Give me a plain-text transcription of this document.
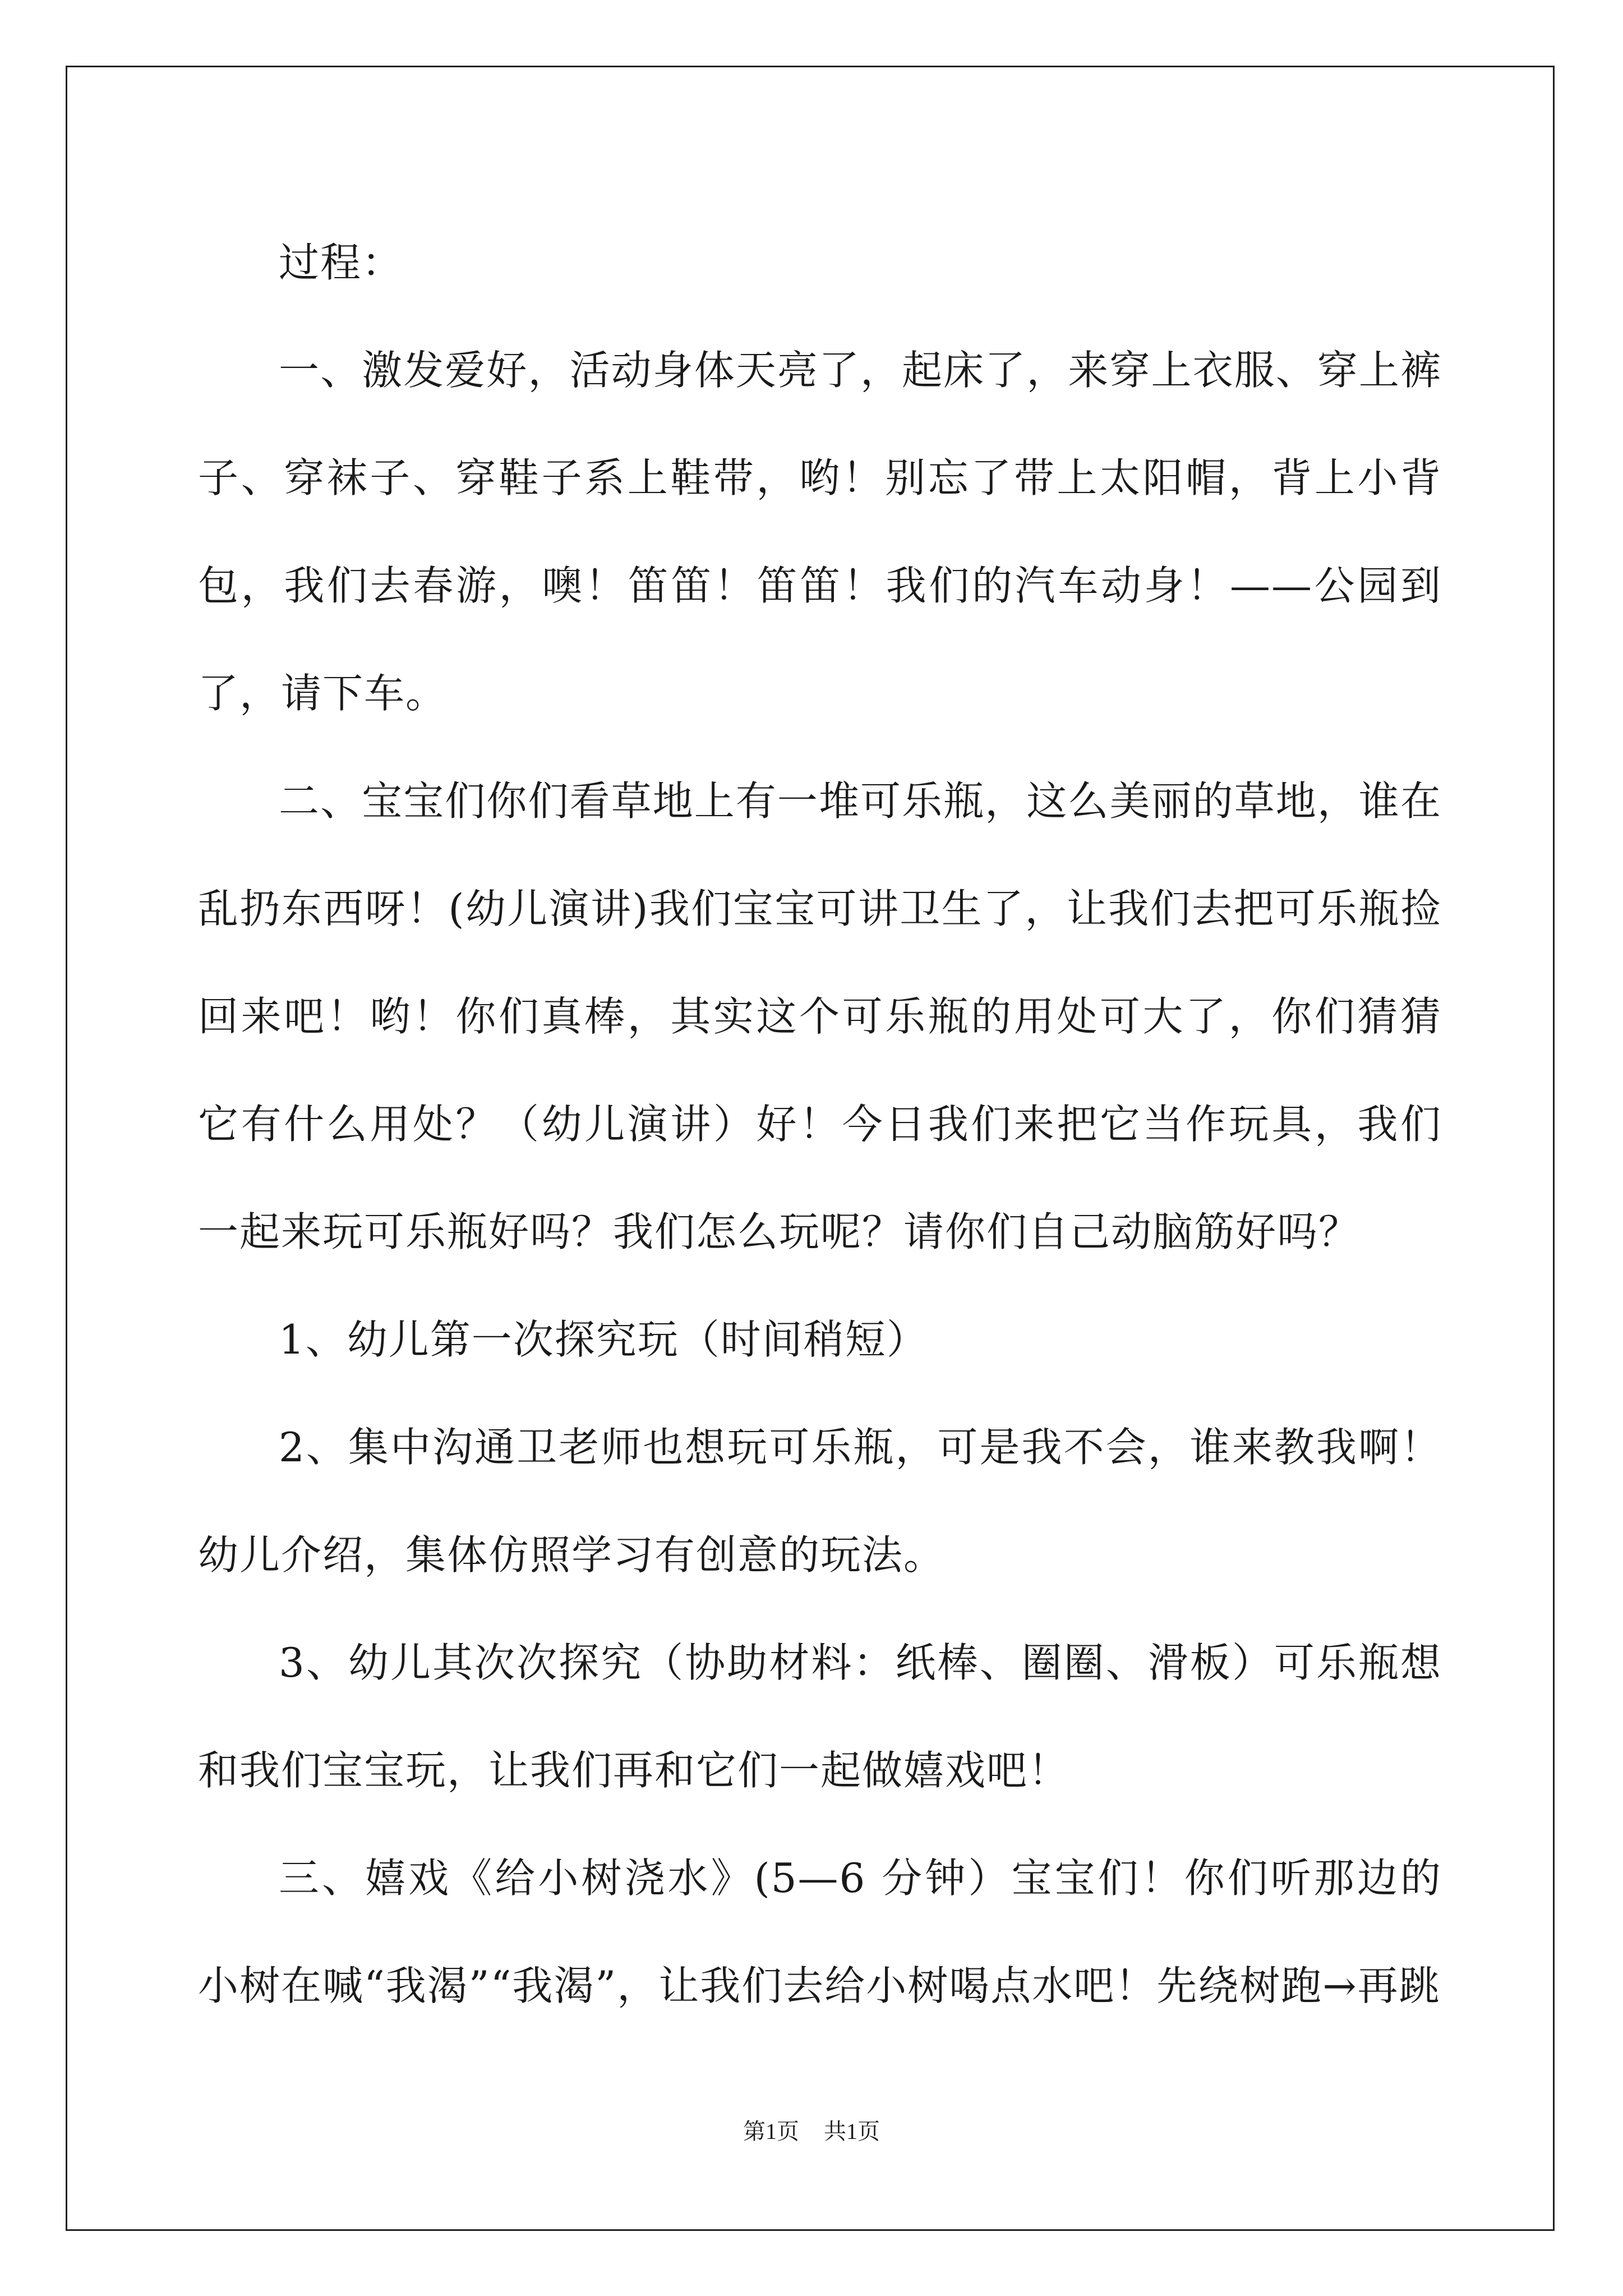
过程：

一、激发爱好，活动身体天亮了，起床了，来穿上衣服、穿上裤子、穿袜子、穿鞋子系上鞋带，哟！别忘了带上太阳帽，背上小背包，我们去春游，噢！笛笛！笛笛！我们的汽车动身！——公园到了，请下车。

二、宝宝们你们看草地上有一堆可乐瓶，这么美丽的草地，谁在乱扔东西呀！(幼儿演讲)我们宝宝可讲卫生了，让我们去把可乐瓶捡回来吧！哟！你们真棒，其实这个可乐瓶的用处可大了，你们猜猜它有什么用处？（幼儿演讲）好！今日我们来把它当作玩具，我们一起来玩可乐瓶好吗？我们怎么玩呢？请你们自己动脑筋好吗？

1、幼儿第一次探究玩（时间稍短）

2、集中沟通卫老师也想玩可乐瓶，可是我不会，谁来教我啊！幼儿介绍，集体仿照学习有创意的玩法。

3、幼儿其次次探究（协助材料：纸棒、圈圈、滑板）可乐瓶想和我们宝宝玩，让我们再和它们一起做嬉戏吧！

三、嬉戏《给小树浇水》(5—6 分钟）宝宝们！你们听那边的小树在喊“我渴”“我渴”，让我们去给小树喝点水吧！先绕树跑→再跳

第1页 共1页
